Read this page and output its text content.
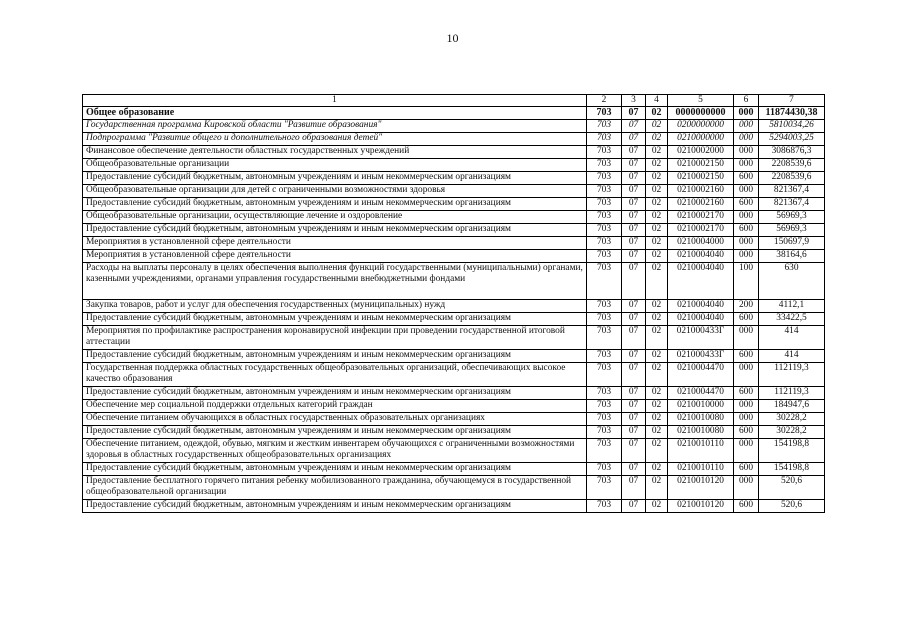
10
1	2	3	4	5	6	7
Общее образование	703	07	02	0000000000	000	11874430,38
Государственная программа Кировской области "Развитие образования"	703	07	02	0200000000	000	5810034,26
Подпрограмма "Развитие общего и дополнительного образования детей"	703	07	02	0210000000	000	5294003,25
Финансовое обеспечение деятельности областных государственных учреждений	703	07	02	0210002000	000	3086876,3
Общеобразовательные организации	703	07	02	0210002150	000	2208539,6
Предоставление субсидий бюджетным, автономным учреждениям и иным некоммерческим организациям	703	07	02	0210002150	600	2208539,6
Общеобразовательные организации для детей с ограниченными возможностями здоровья	703	07	02	0210002160	000	821367,4
Предоставление субсидий бюджетным, автономным учреждениям и иным некоммерческим организациям	703	07	02	0210002160	600	821367,4
Общеобразовательные организации, осуществляющие лечение и оздоровление	703	07	02	0210002170	000	56969,3
Предоставление субсидий бюджетным, автономным учреждениям и иным некоммерческим организациям	703	07	02	0210002170	600	56969,3
Мероприятия в установленной сфере деятельности	703	07	02	0210004000	000	150697,9
Мероприятия в установленной сфере деятельности	703	07	02	0210004040	000	38164,6
Расходы на выплаты персоналу в целях обеспечения выполнения функций государственными (муниципальными) органами, казенными учреждениями, органами управления государственными внебюджетными фондами	703	07	02	0210004040	100	630
Закупка товаров, работ и услуг для обеспечения государственных (муниципальных) нужд	703	07	02	0210004040	200	4112,1
Предоставление субсидий бюджетным, автономным учреждениям и иным некоммерческим организациям	703	07	02	0210004040	600	33422,5
Мероприятия по профилактике распространения коронавирусной инфекции при проведении государственной итоговой аттестации	703	07	02	021000433Г	000	414
Предоставление субсидий бюджетным, автономным учреждениям и иным некоммерческим организациям	703	07	02	021000433Г	600	414
Государственная поддержка областных государственных общеобразовательных организаций, обеспечивающих высокое качество образования	703	07	02	0210004470	000	112119,3
Предоставление субсидий бюджетным, автономным учреждениям и иным некоммерческим организациям	703	07	02	0210004470	600	112119,3
Обеспечение мер социальной поддержки отдельных категорий граждан	703	07	02	0210010000	000	184947,6
Обеспечение питанием обучающихся в областных государственных образовательных организациях	703	07	02	0210010080	000	30228,2
Предоставление субсидий бюджетным, автономным учреждениям и иным некоммерческим организациям	703	07	02	0210010080	600	30228,2
Обеспечение питанием, одеждой, обувью, мягким и жестким инвентарем обучающихся с ограниченными возможностями здоровья в областных государственных общеобразовательных организациях	703	07	02	0210010110	000	154198,8
Предоставление субсидий бюджетным, автономным учреждениям и иным некоммерческим организациям	703	07	02	0210010110	600	154198,8
Предоставление бесплатного горячего питания ребенку мобилизованного гражданина, обучающемуся в государственной общеобразовательной организации	703	07	02	0210010120	000	520,6
Предоставление субсидий бюджетным, автономным учреждениям и иным некоммерческим организациям	703	07	02	0210010120	600	520,6
